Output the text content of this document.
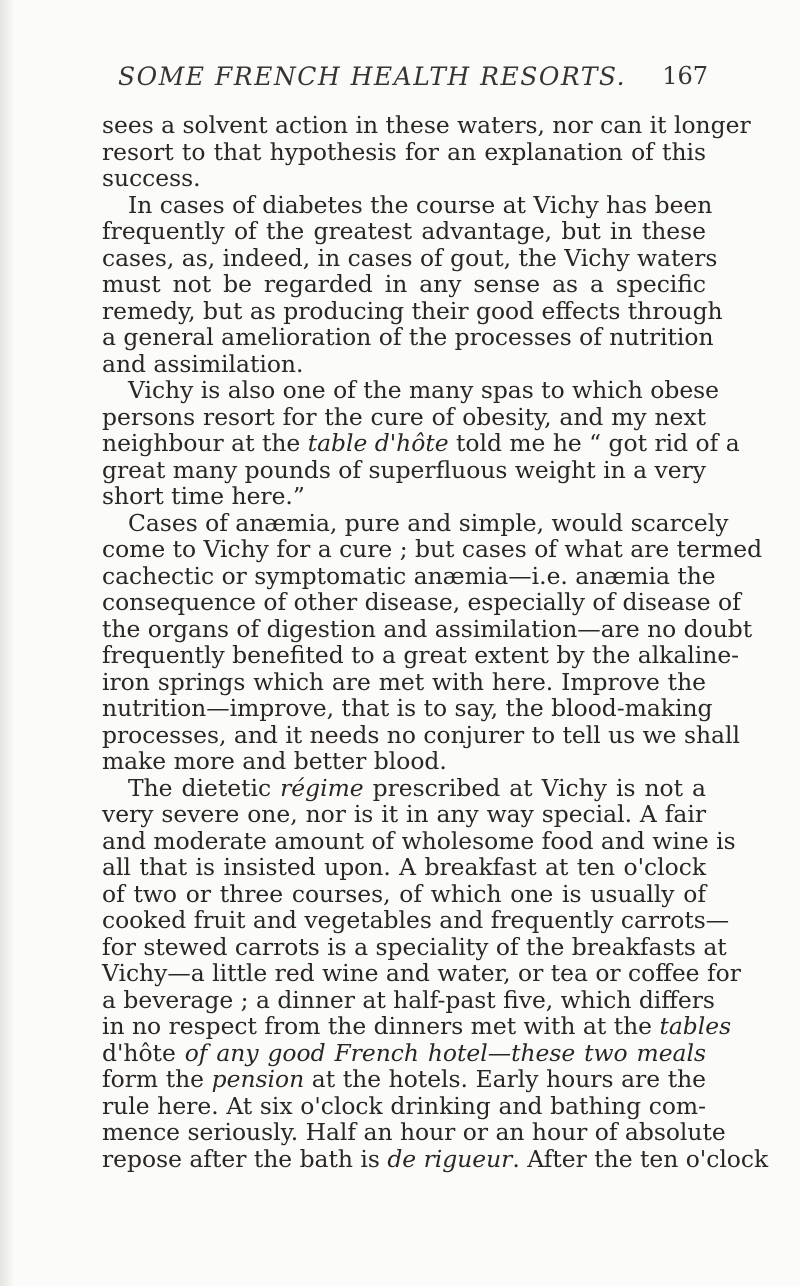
SOME FRENCH HEALTH RESORTS. 167
sees a solvent action in these waters, nor can it longer
resort to that hypothesis for an explanation of this
success.
In cases of diabetes the course at Vichy has been
frequently of the greatest advantage, but in these
cases, as, indeed, in cases of gout, the Vichy waters
must not be regarded in any sense as a specific
remedy, but as producing their good effects through
a general amelioration of the processes of nutrition
and assimilation.
Vichy is also one of the many spas to which obese
persons resort for the cure of obesity, and my next
neighbour at the table d'hôte told me he “ got rid of a
great many pounds of superfluous weight in a very
short time here.”
Cases of anæmia, pure and simple, would scarcely
come to Vichy for a cure ; but cases of what are termed
cachectic or symptomatic anæmia—i.e. anæmia the
consequence of other disease, especially of disease of
the organs of digestion and assimilation—are no doubt
frequently benefited to a great extent by the alkaline-
iron springs which are met with here. Improve the
nutrition—improve, that is to say, the blood-making
processes, and it needs no conjurer to tell us we shall
make more and better blood.
The dietetic régime prescribed at Vichy is not a
very severe one, nor is it in any way special. A fair
and moderate amount of wholesome food and wine is
all that is insisted upon. A breakfast at ten o'clock
of two or three courses, of which one is usually of
cooked fruit and vegetables and frequently carrots—
for stewed carrots is a speciality of the breakfasts at
Vichy—a little red wine and water, or tea or coffee for
a beverage ; a dinner at half-past five, which differs
in no respect from the dinners met with at the tables
d'hôte of any good French hotel—these two meals
form the pension at the hotels. Early hours are the
rule here. At six o'clock drinking and bathing com-
mence seriously. Half an hour or an hour of absolute
repose after the bath is de rigueur. After the ten o'clock
